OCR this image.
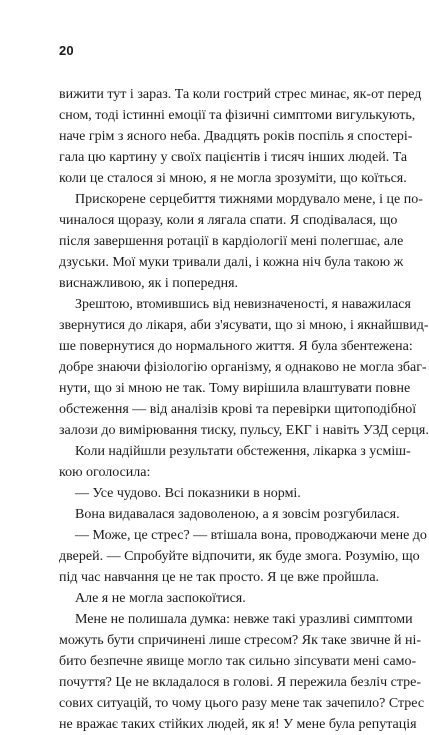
20
вижити тут і зараз. Та коли гострий стрес минає, як-от перед
сном, тоді істинні емоції та фізичні симптоми вигулькують,
наче грім з ясного неба. Двадцять років поспіль я спостері-
гала цю картину у своїх пацієнтів і тисяч інших людей. Та
коли це сталося зі мною, я не могла зрозуміти, що коїться.
Прискорене серцебиття тижнями мордувало мене, і це по-
чиналося щоразу, коли я лягала спати. Я сподівалася, що
після завершення ротації в кардіології мені полегшає, але
дзуськи. Мої муки тривали далі, і кожна ніч була такою ж
виснажливою, як і попередня.
Зрештою, втомившись від невизначеності, я наважилася
звернутися до лікаря, аби з'ясувати, що зі мною, і якнайшвид-
ше повернутися до нормального життя. Я була збентежена:
добре знаючи фізіологію організму, я однаково не могла збаг-
нути, що зі мною не так. Тому вирішила влаштувати повне
обстеження — від аналізів крові та перевірки щитоподібної
залози до вимірювання тиску, пульсу, ЕКГ і навіть УЗД серця.
Коли надійшли результати обстеження, лікарка з усміш-
кою оголосила:
— Усе чудово. Всі показники в нормі.
Вона видавалася задоволеною, а я зовсім розгубилася.
— Може, це стрес? — втішала вона, проводжаючи мене до
дверей. — Спробуйте відпочити, як буде змога. Розумію, що
під час навчання це не так просто. Я це вже пройшла.
Але я не могла заспокоїтися.
Мене не полишала думка: невже такі уразливі симптоми
можуть бути спричинені лише стресом? Як таке звичне й ні-
бито безпечне явище могло так сильно зіпсувати мені само-
почуття? Це не вкладалося в голові. Я пережила безліч стре-
сових ситуацій, то чому цього разу мене так зачепило? Стрес
не вражає таких стійких людей, як я! У мене була репутація
